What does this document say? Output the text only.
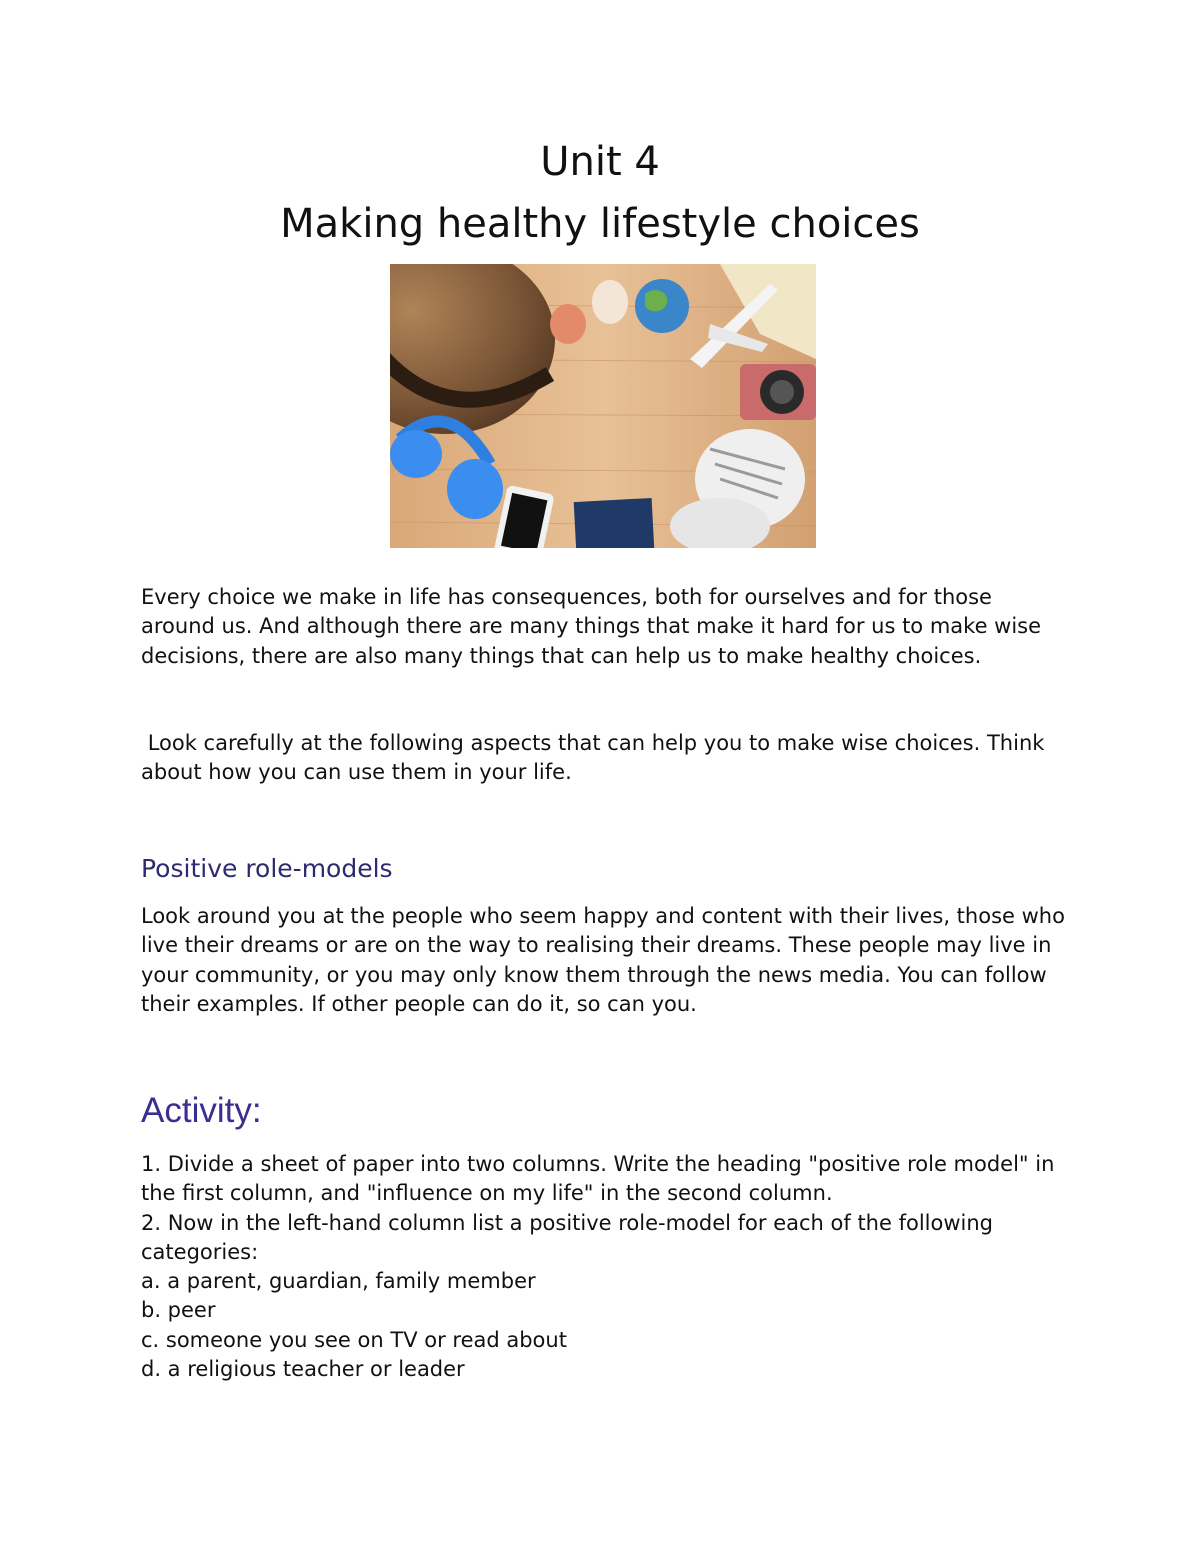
Unit 4
Making healthy lifestyle choices

Every choice we make in life has consequences, both for ourselves and for those around us. And although there are many things that make it hard for us to make wise decisions, there are also many things that can help us to make healthy choices.

Look carefully at the following aspects that can help you to make wise choices. Think about how you can use them in your life.

Positive role-models

Look around you at the people who seem happy and content with their lives, those who live their dreams or are on the way to realising their dreams. These people may live in your community, or you may only know them through the news media. You can follow their examples. If other people can do it, so can you.

Activity:
1. Divide a sheet of paper into two columns. Write the heading "positive role model" in the first column, and "influence on my life" in the second column.
2. Now in the left-hand column list a positive role-model for each of the following categories:
a. a parent, guardian, family member
b. peer
c. someone you see on TV or read about
d. a religious teacher or leader
